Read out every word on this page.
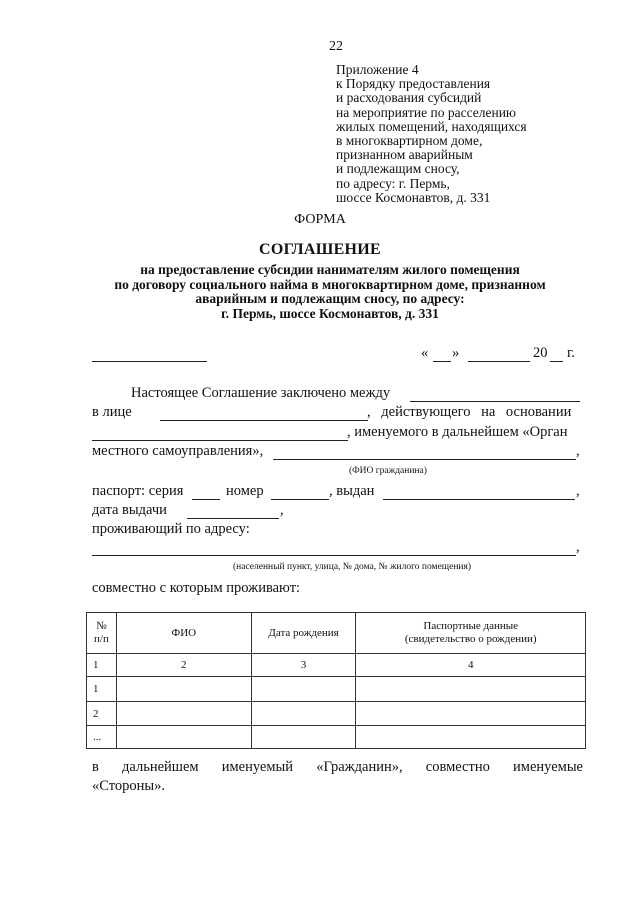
22
Приложение 4
к Порядку предоставления
и расходования субсидий
на мероприятие по расселению
жилых помещений, находящихся
в многоквартирном доме,
признанном аварийным
и подлежащим сносу,
по адресу: г. Пермь,
шоссе Космонавтов, д. 331
ФОРМА
СОГЛАШЕНИЕ
на предоставление субсидии нанимателям жилого помещения
по договору социального найма в многоквартирном доме, признанном
аварийным и подлежащим сносу, по адресу:
г. Пермь, шоссе Космонавтов, д. 331
« »	20 г.
Настоящее Соглашение заключено между
в лице	, действующего на основании
, именуемого в дальнейшем «Орган
местного самоуправления»,	,
(ФИО гражданина)
паспорт: серия	номер	, выдан	,
дата выдачи	,
проживающий по адресу:
,
(населенный пункт, улица, № дома, № жилого помещения)
совместно с которым проживают:
№
п/п	ФИО	Дата рождения	Паспортные данные
(свидетельство о рождении)
1	2	3	4
1			
2			
...			
в дальнейшем именуемый «Гражданин», совместно именуемые
«Стороны».
